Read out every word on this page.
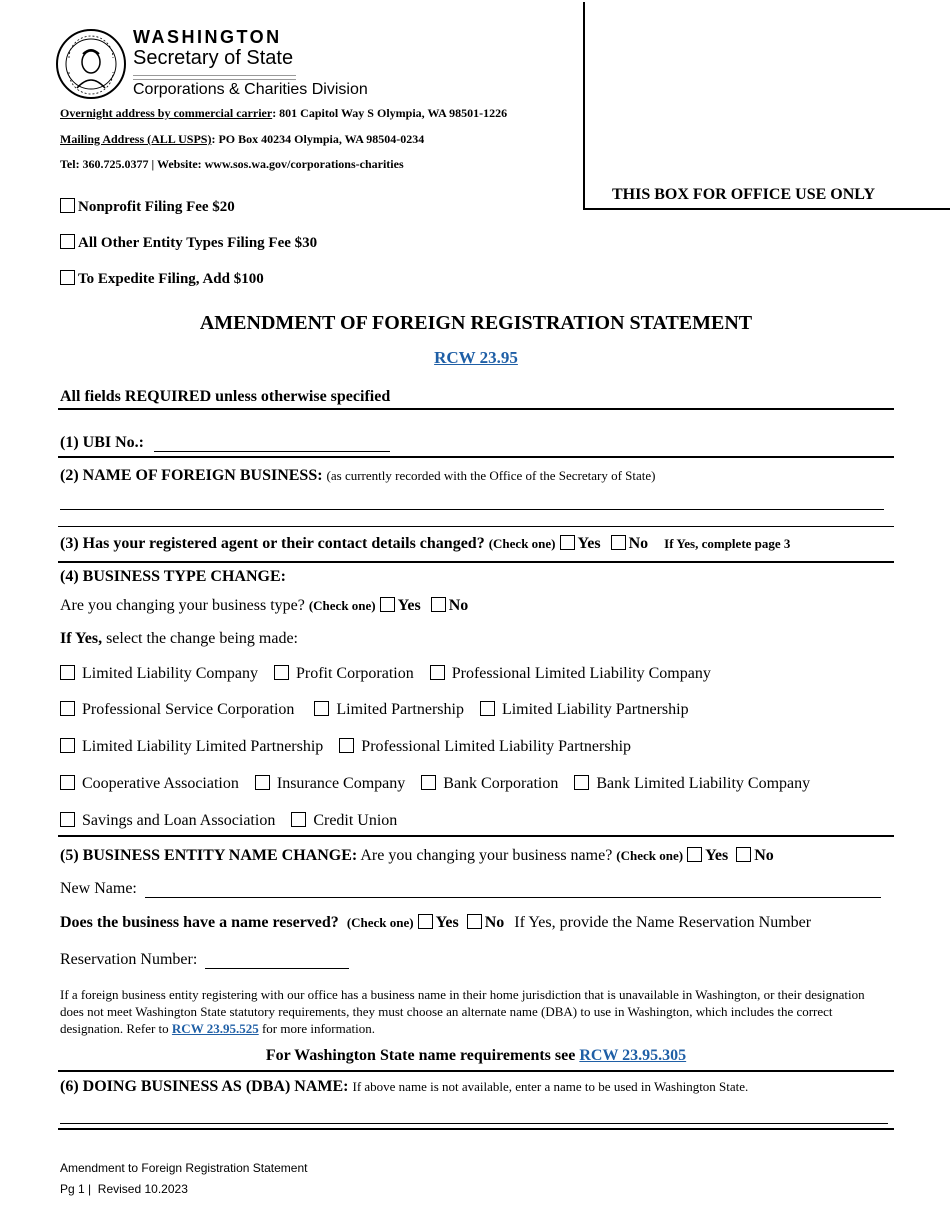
WASHINGTON
Secretary of State
Corporations & Charities Division
Overnight address by commercial carrier: 801 Capitol Way S Olympia, WA 98501-1226
Mailing Address (ALL USPS): PO Box 40234 Olympia, WA 98504-0234
Tel: 360.725.0377 | Website: www.sos.wa.gov/corporations-charities
THIS BOX FOR OFFICE USE ONLY
Nonprofit Filing Fee $20
All Other Entity Types Filing Fee $30
To Expedite Filing, Add $100
AMENDMENT OF FOREIGN REGISTRATION STATEMENT
RCW 23.95
All fields REQUIRED unless otherwise specified
(1) UBI No.:
(2) NAME OF FOREIGN BUSINESS: (as currently recorded with the Office of the Secretary of State)
(3) Has your registered agent or their contact details changed? (Check one) Yes No If Yes, complete page 3
(4) BUSINESS TYPE CHANGE:
Are you changing your business type? (Check one) Yes No
If Yes, select the change being made:
Limited Liability Company Profit Corporation Professional Limited Liability Company
Professional Service Corporation	Limited Partnership Limited Liability Partnership
Limited Liability Limited Partnership Professional Limited Liability Partnership
Cooperative Association Insurance Company Bank Corporation Bank Limited Liability Company
Savings and Loan Association Credit Union
(5) BUSINESS ENTITY NAME CHANGE: Are you changing your business name? (Check one) Yes No
New Name:
Does the business have a name reserved? (Check one) Yes No If Yes, provide the Name Reservation Number
Reservation Number:
If a foreign business entity registering with our office has a business name in their home jurisdiction that is unavailable in Washington, or their designation does not meet Washington State statutory requirements, they must choose an alternate name (DBA) to use in Washington, which includes the correct designation. Refer to RCW 23.95.525 for more information.
For Washington State name requirements see RCW 23.95.305
(6) DOING BUSINESS AS (DBA) NAME: If above name is not available, enter a name to be used in Washington State.
Amendment to Foreign Registration Statement
Pg 1 |  Revised 10.2023
